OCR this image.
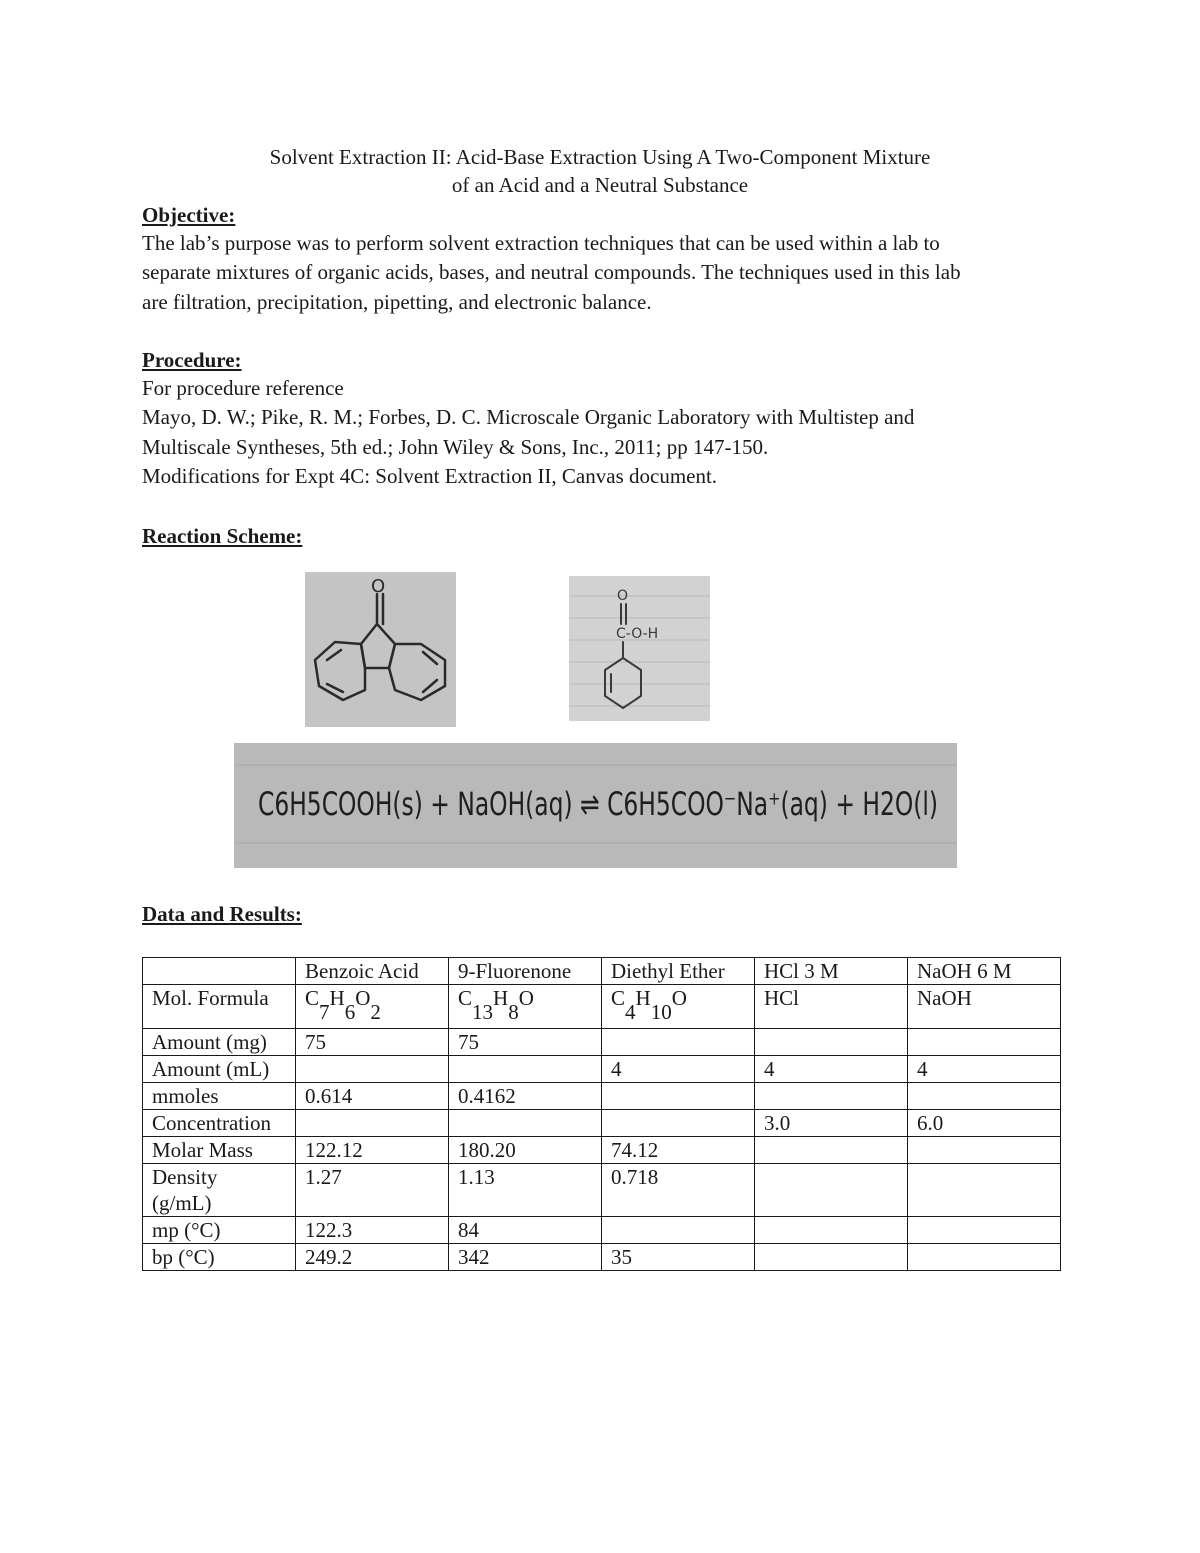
Solvent Extraction II: Acid-Base Extraction Using A Two-Component Mixture
of an Acid and a Neutral Substance
Objective:
The lab’s purpose was to perform solvent extraction techniques that can be used within a lab to
separate mixtures of organic acids, bases, and neutral compounds. The techniques used in this lab
are filtration, precipitation, pipetting, and electronic balance.
Procedure:
For procedure reference
Mayo, D. W.; Pike, R. M.; Forbes, D. C. Microscale Organic Laboratory with Multistep and
Multiscale Syntheses, 5th ed.; John Wiley & Sons, Inc., 2011; pp 147-150.
Modifications for Expt 4C: Solvent Extraction II, Canvas document.
Reaction Scheme:
O	O
C-O-H
C6H5COOH(s) + NaOH(aq) ⇌ C6H5COO⁻Na⁺(aq) + H2O(l)
Data and Results:
	Benzoic Acid	9-Fluorenone	Diethyl Ether	HCl 3 M	NaOH 6 M
Mol. Formula	$C_7H_6O_2$	$C_{13}H_8O$	$C_4H_{10}O$	HCl	NaOH
Amount (mg)	75	75			
Amount (mL)			4	4	4
mmoles	0.614	0.4162			
Concentration				3.0	6.0
Molar Mass	122.12	180.20	74.12		

Density
(g/mL)	1.27	1.13	0.718		
mp (°C)	122.3	84			
bp (°C)	249.2	342	35		
